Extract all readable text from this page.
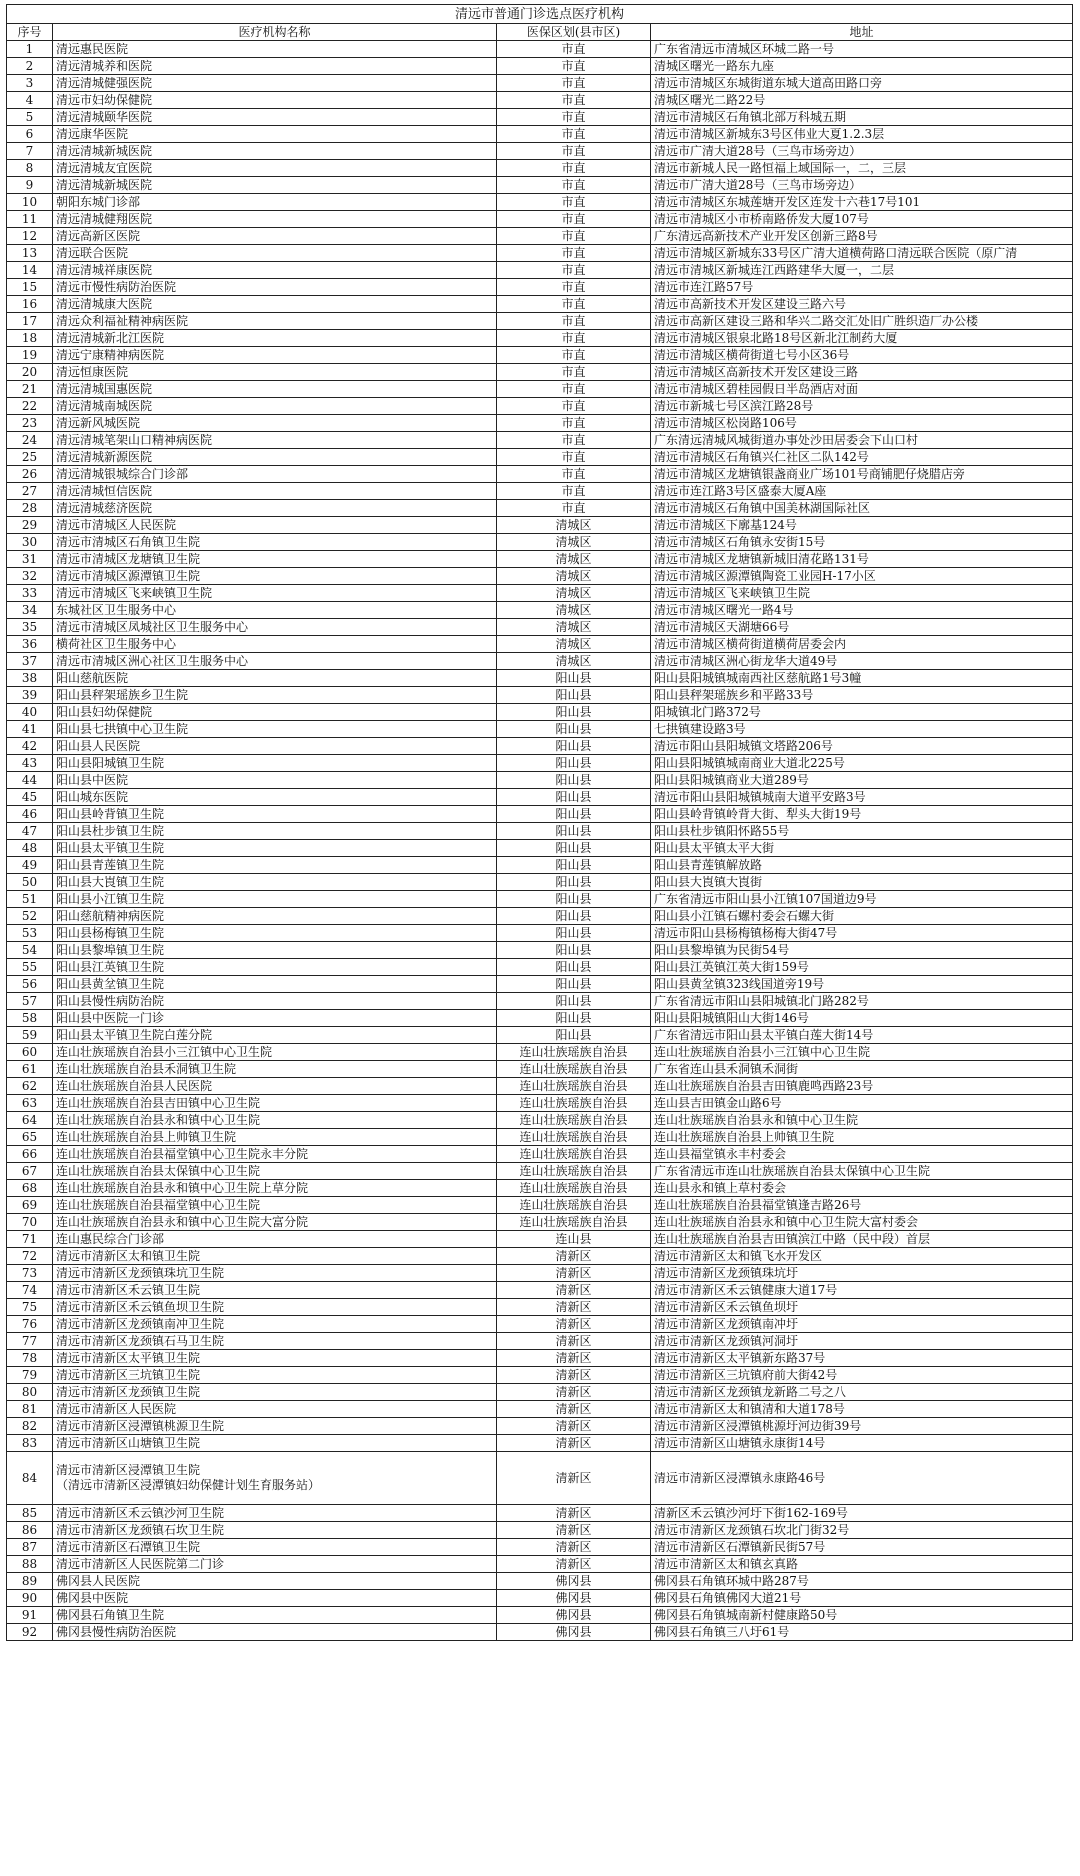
清远市普通门诊选点医疗机构			
序号	医疗机构名称	医保区划(县市区)	地址
1	清远惠民医院	市直	广东省清远市清城区环城二路一号
2	清远清城养和医院	市直	清城区曙光一路东九座
3	清远清城健强医院	市直	清远市清城区东城街道东城大道高田路口旁
4	清远市妇幼保健院	市直	清城区曙光二路22号
5	清远清城颐华医院	市直	清远市清城区石角镇北部万科城五期
6	清远康华医院	市直	清远市清城区新城东3号区伟业大夏1.2.3层
7	清远清城新城医院	市直	清远市广清大道28号（三鸟市场旁边）
8	清远清城友宜医院	市直	清远市新城人民一路恒福上域国际一，二，三层
9	清远清城新城医院	市直	清远市广清大道28号（三鸟市场旁边）
10	朝阳东城门诊部	市直	清远市清城区东城莲塘开发区连发十六巷17号101
11	清远清城健翔医院	市直	清远市清城区小市桥南路侨发大厦107号
12	清远高新区医院	市直	广东清远高新技术产业开发区创新三路8号
13	清远联合医院	市直	清远市清城区新城东33号区广清大道横荷路口清远联合医院（原广清
14	清远清城祥康医院	市直	清远市清城区新城连江西路建华大厦一，二层
15	清远市慢性病防治医院	市直	清远市连江路57号
16	清远清城康大医院	市直	清远市高新技术开发区建设三路六号
17	清远众利福祉精神病医院	市直	清远市高新区建设三路和华兴二路交汇处旧广胜织造厂办公楼
18	清远清城新北江医院	市直	清远市清城区银泉北路18号区新北江制药大厦
19	清远宁康精神病医院	市直	清远市清城区横荷街道七号小区36号
20	清远恒康医院	市直	清远市清城区高新技术开发区建设三路
21	清远清城国惠医院	市直	清远市清城区碧桂园假日半岛酒店对面
22	清远清城南城医院	市直	清远市新城七号区滨江路28号
23	清远新风城医院	市直	清远市清城区松岗路106号
24	清远清城笔架山口精神病医院	市直	广东清远清城风城街道办事处沙田居委会下山口村
25	清远清城新源医院	市直	清远市清城区石角镇兴仁社区二队142号
26	清远清城银城综合门诊部	市直	清远市清城区龙塘镇银盏商业广场101号商铺肥仔烧腊店旁
27	清远清城恒信医院	市直	清远市连江路3号区盛泰大厦A座
28	清远清城慈济医院	市直	清远市清城区石角镇中国美林湖国际社区
29	清远市清城区人民医院	清城区	清远市清城区下廓基124号
30	清远市清城区石角镇卫生院	清城区	清远市清城区石角镇永安街15号
31	清远市清城区龙塘镇卫生院	清城区	清远市清城区龙塘镇新城旧清花路131号
32	清远市清城区源潭镇卫生院	清城区	清远市清城区源潭镇陶瓷工业园H-17小区
33	清远市清城区飞来峡镇卫生院	清城区	清远市清城区飞来峡镇卫生院
34	东城社区卫生服务中心	清城区	清远市清城区曙光一路4号
35	清远市清城区凤城社区卫生服务中心	清城区	清远市清城区天湖塘66号
36	横荷社区卫生服务中心	清城区	清远市清城区横荷街道横荷居委会内
37	清远市清城区洲心社区卫生服务中心	清城区	清远市清城区洲心街龙华大道49号
38	阳山慈航医院	阳山县	阳山县阳城镇城南西社区慈航路1号3幢
39	阳山县秤架瑶族乡卫生院	阳山县	阳山县秤架瑶族乡和平路33号
40	阳山县妇幼保健院	阳山县	阳城镇北门路372号
41	阳山县七拱镇中心卫生院	阳山县	七拱镇建设路3号
42	阳山县人民医院	阳山县	清远市阳山县阳城镇文塔路206号
43	阳山县阳城镇卫生院	阳山县	阳山县阳城镇城南商业大道北225号
44	阳山县中医院	阳山县	阳山县阳城镇商业大道289号
45	阳山城东医院	阳山县	清远市阳山县阳城镇城南大道平安路3号
46	阳山县岭背镇卫生院	阳山县	阳山县岭背镇岭背大街、犁头大街19号
47	阳山县杜步镇卫生院	阳山县	阳山县杜步镇阳怀路55号
48	阳山县太平镇卫生院	阳山县	阳山县太平镇太平大街
49	阳山县青莲镇卫生院	阳山县	阳山县青莲镇解放路
50	阳山县大崀镇卫生院	阳山县	阳山县大崀镇大崀街
51	阳山县小江镇卫生院	阳山县	广东省清远市阳山县小江镇107国道边9号
52	阳山慈航精神病医院	阳山县	阳山县小江镇石螺村委会石螺大街
53	阳山县杨梅镇卫生院	阳山县	清远市阳山县杨梅镇杨梅大街47号
54	阳山县黎埠镇卫生院	阳山县	阳山县黎埠镇为民街54号
55	阳山县江英镇卫生院	阳山县	阳山县江英镇江英大街159号
56	阳山县黄坌镇卫生院	阳山县	阳山县黄坌镇323线国道旁19号
57	阳山县慢性病防治院	阳山县	广东省清远市阳山县阳城镇北门路282号
58	阳山县中医院一门诊	阳山县	阳山县阳城镇阳山大街146号
59	阳山县太平镇卫生院白莲分院	阳山县	广东省清远市阳山县太平镇白莲大街14号
60	连山壮族瑶族自治县小三江镇中心卫生院	连山壮族瑶族自治县	连山壮族瑶族自治县小三江镇中心卫生院
61	连山壮族瑶族自治县禾洞镇卫生院	连山壮族瑶族自治县	广东省连山县禾洞镇禾洞街
62	连山壮族瑶族自治县人民医院	连山壮族瑶族自治县	连山壮族瑶族自治县吉田镇鹿鸣西路23号
63	连山壮族瑶族自治县吉田镇中心卫生院	连山壮族瑶族自治县	连山县吉田镇金山路6号
64	连山壮族瑶族自治县永和镇中心卫生院	连山壮族瑶族自治县	连山壮族瑶族自治县永和镇中心卫生院
65	连山壮族瑶族自治县上帅镇卫生院	连山壮族瑶族自治县	连山壮族瑶族自治县上帅镇卫生院
66	连山壮族瑶族自治县福堂镇中心卫生院永丰分院	连山壮族瑶族自治县	连山县福堂镇永丰村委会
67	连山壮族瑶族自治县太保镇中心卫生院	连山壮族瑶族自治县	广东省清远市连山壮族瑶族自治县太保镇中心卫生院
68	连山壮族瑶族自治县永和镇中心卫生院上草分院	连山壮族瑶族自治县	连山县永和镇上草村委会
69	连山壮族瑶族自治县福堂镇中心卫生院	连山壮族瑶族自治县	连山壮族瑶族自治县福堂镇逢吉路26号
70	连山壮族瑶族自治县永和镇中心卫生院大富分院	连山壮族瑶族自治县	连山壮族瑶族自治县永和镇中心卫生院大富村委会
71	连山惠民综合门诊部	连山县	连山壮族瑶族自治县吉田镇滨江中路（民中段）首层
72	清远市清新区太和镇卫生院	清新区	清远市清新区太和镇飞水开发区
73	清远市清新区龙颈镇珠坑卫生院	清新区	清远市清新区龙颈镇珠坑圩
74	清远市清新区禾云镇卫生院	清新区	清远市清新区禾云镇健康大道17号
75	清远市清新区禾云镇鱼坝卫生院	清新区	清远市清新区禾云镇鱼坝圩
76	清远市清新区龙颈镇南冲卫生院	清新区	清远市清新区龙颈镇南冲圩
77	清远市清新区龙颈镇石马卫生院	清新区	清远市清新区龙颈镇河洞圩
78	清远市清新区太平镇卫生院	清新区	清远市清新区太平镇新东路37号
79	清远市清新区三坑镇卫生院	清新区	清远市清新区三坑镇府前大街42号
80	清远市清新区龙颈镇卫生院	清新区	清远市清新区龙颈镇龙新路二号之八
81	清远市清新区人民医院	清新区	清远市清新区太和镇清和大道178号
82	清远市清新区浸潭镇桃源卫生院	清新区	清远市清新区浸潭镇桃源圩河边街39号
83	清远市清新区山塘镇卫生院	清新区	清远市清新区山塘镇永康街14号
84	清远市清新区浸潭镇卫生院
（清远市清新区浸潭镇妇幼保健计划生育服务站）	清新区	清远市清新区浸潭镇永康路46号
85	清远市清新区禾云镇沙河卫生院	清新区	清新区禾云镇沙河圩下街162-169号
86	清远市清新区龙颈镇石坎卫生院	清新区	清远市清新区龙颈镇石坎北门街32号
87	清远市清新区石潭镇卫生院	清新区	清远市清新区石潭镇新民街57号
88	清远市清新区人民医院第二门诊	清新区	清远市清新区太和镇玄真路
89	佛冈县人民医院	佛冈县	佛冈县石角镇环城中路287号
90	佛冈县中医院	佛冈县	佛冈县石角镇佛冈大道21号
91	佛冈县石角镇卫生院	佛冈县	佛冈县石角镇城南新村健康路50号
92	佛冈县慢性病防治医院	佛冈县	佛冈县石角镇三八圩61号
